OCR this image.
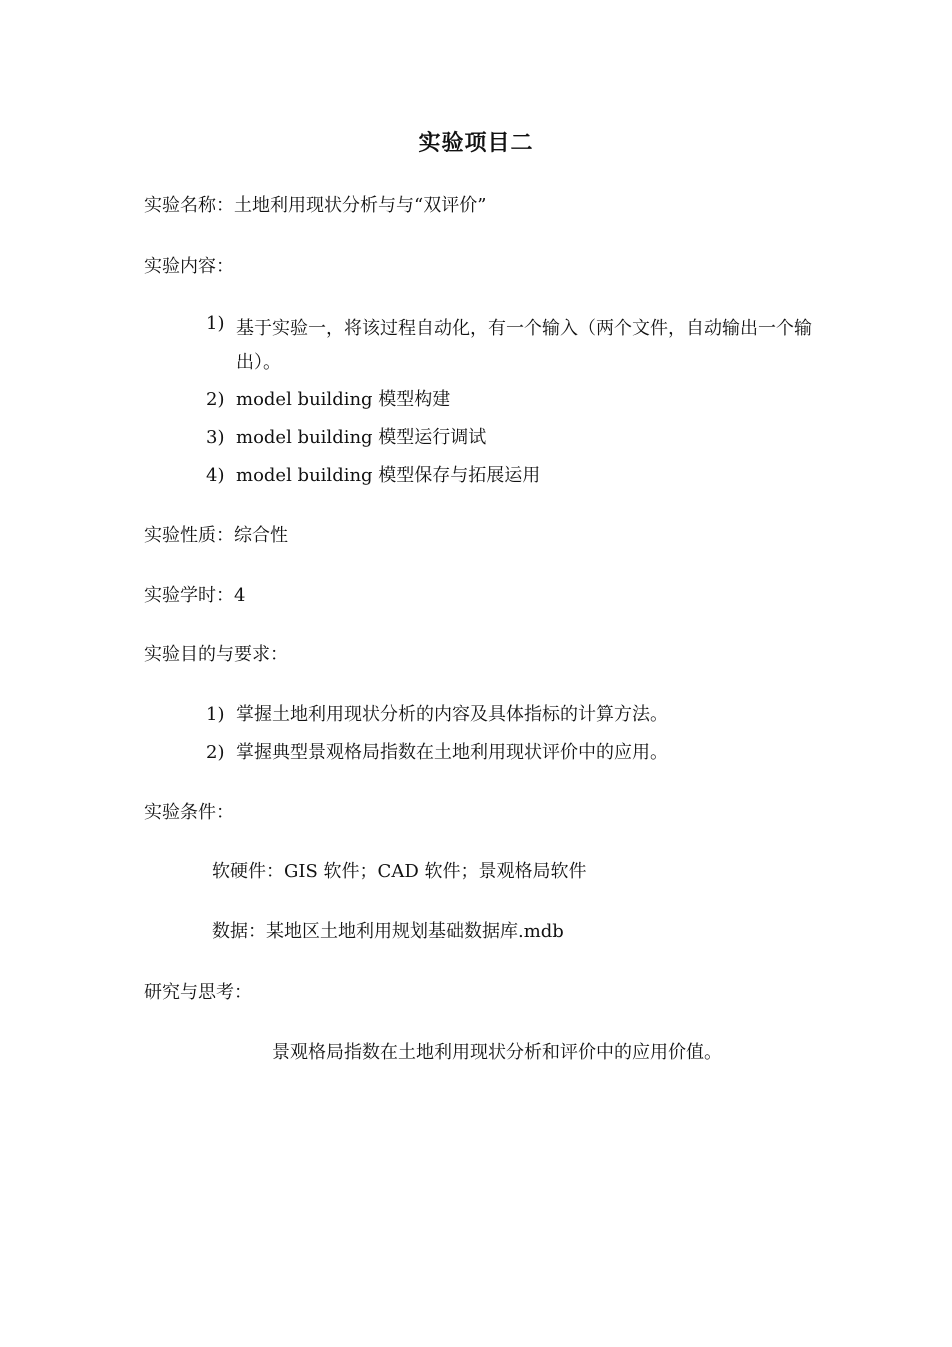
实验项目二
实验名称：土地利用现状分析与与“双评价”
实验内容：
1) 基于实验一，将该过程自动化，有一个输入（两个文件，自动输出一个输出）。
2) model building 模型构建
3) model building 模型运行调试
4) model building 模型保存与拓展运用
实验性质：综合性
实验学时：4
实验目的与要求：
1) 掌握土地利用现状分析的内容及具体指标的计算方法。
2) 掌握典型景观格局指数在土地利用现状评价中的应用。
实验条件：
软硬件：GIS 软件；CAD 软件；景观格局软件
数据：某地区土地利用规划基础数据库.mdb
研究与思考：
景观格局指数在土地利用现状分析和评价中的应用价值。
